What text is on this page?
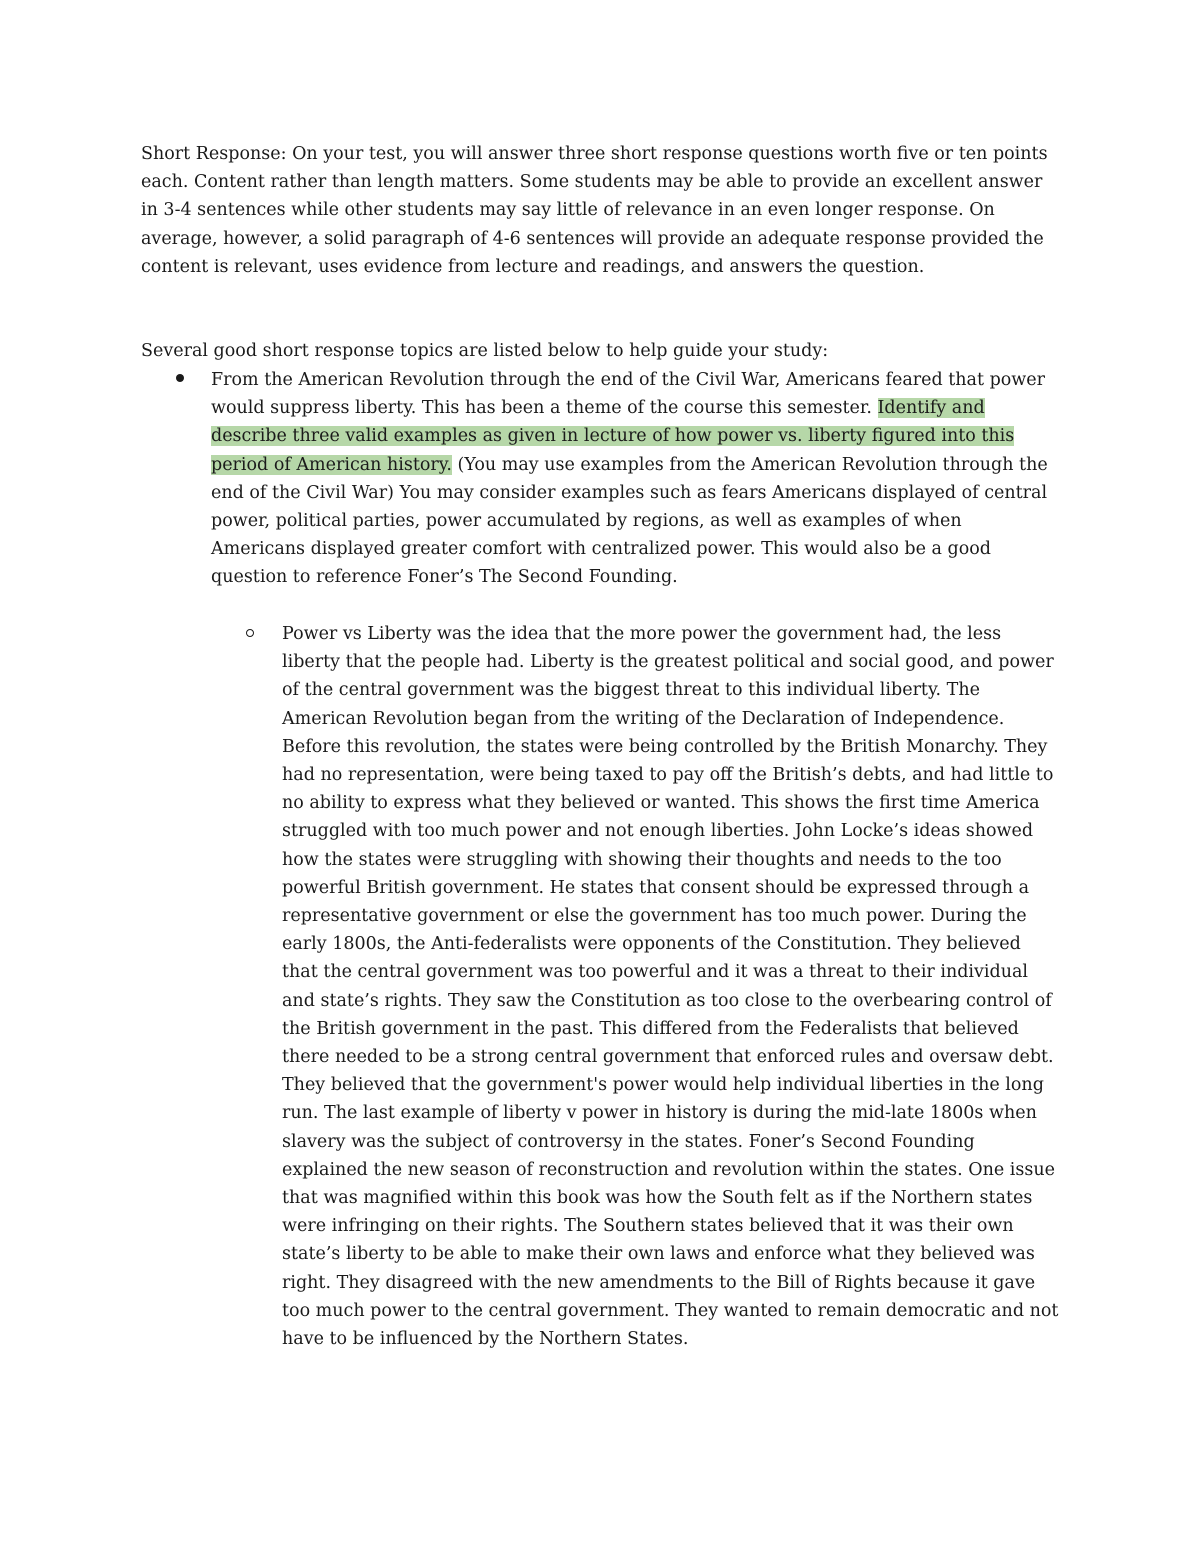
Short Response: On your test, you will answer three short response questions worth five or ten points each. Content rather than length matters. Some students may be able to provide an excellent answer in 3-4 sentences while other students may say little of relevance in an even longer response. On average, however, a solid paragraph of 4-6 sentences will provide an adequate response provided the content is relevant, uses evidence from lecture and readings, and answers the question.

Several good short response topics are listed below to help guide your study:

From the American Revolution through the end of the Civil War, Americans feared that power would suppress liberty. This has been a theme of the course this semester. Identify and describe three valid examples as given in lecture of how power vs. liberty figured into this period of American history. (You may use examples from the American Revolution through the end of the Civil War) You may consider examples such as fears Americans displayed of central power, political parties, power accumulated by regions, as well as examples of when Americans displayed greater comfort with centralized power. This would also be a good question to reference Foner’s The Second Founding.

Power vs Liberty was the idea that the more power the government had, the less liberty that the people had. Liberty is the greatest political and social good, and power of the central government was the biggest threat to this individual liberty. The American Revolution began from the writing of the Declaration of Independence. Before this revolution, the states were being controlled by the British Monarchy. They had no representation, were being taxed to pay off the British’s debts, and had little to no ability to express what they believed or wanted. This shows the first time America struggled with too much power and not enough liberties. John Locke’s ideas showed how the states were struggling with showing their thoughts and needs to the too powerful British government. He states that consent should be expressed through a representative government or else the government has too much power. During the early 1800s, the Anti-federalists were opponents of the Constitution. They believed that the central government was too powerful and it was a threat to their individual and state’s rights. They saw the Constitution as too close to the overbearing control of the British government in the past. This differed from the Federalists that believed there needed to be a strong central government that enforced rules and oversaw debt. They believed that the government's power would help individual liberties in the long run. The last example of liberty v power in history is during the mid-late 1800s when slavery was the subject of controversy in the states. Foner’s Second Founding explained the new season of reconstruction and revolution within the states. One issue that was magnified within this book was how the South felt as if the Northern states were infringing on their rights. The Southern states believed that it was their own state’s liberty to be able to make their own laws and enforce what they believed was right. They disagreed with the new amendments to the Bill of Rights because it gave too much power to the central government. They wanted to remain democratic and not have to be influenced by the Northern States.
